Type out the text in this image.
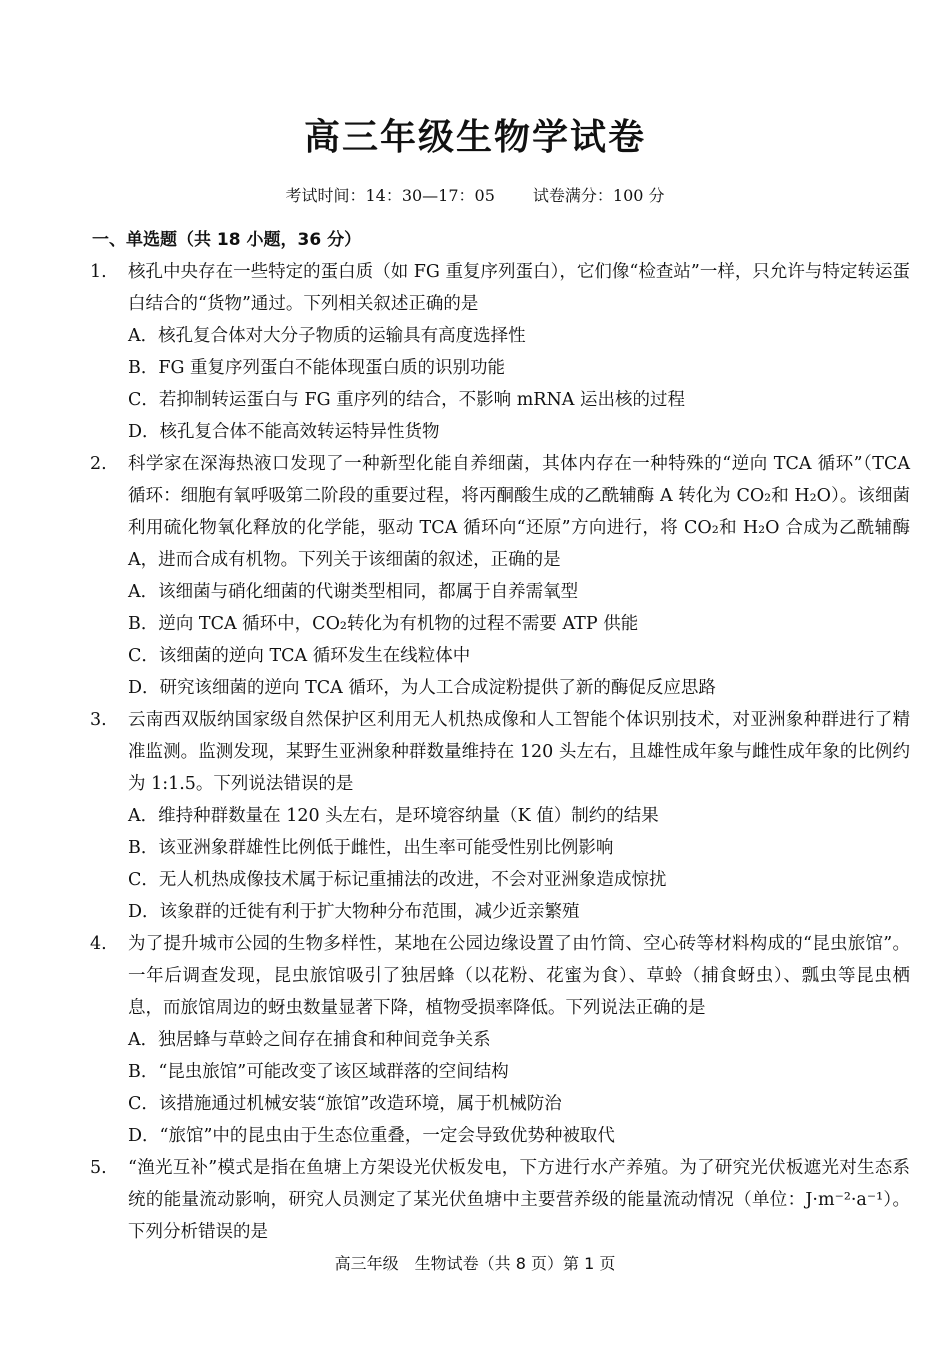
高三年级生物学试卷
考试时间：14：30—17：05 试卷满分：100 分
一、单选题（共 18 小题，36 分）
1.	核孔中央存在一些特定的蛋白质（如 FG 重复序列蛋白），它们像“检查站”一样，只允许与特定转运蛋白结合的“货物”通过。下列相关叙述正确的是

A．核孔复合体对大分子物质的运输具有高度选择性
B．FG 重复序列蛋白不能体现蛋白质的识别功能
C．若抑制转运蛋白与 FG 重序列的结合，不影响 mRNA 运出核的过程
D．核孔复合体不能高效转运特异性货物
2.	科学家在深海热液口发现了一种新型化能自养细菌，其体内存在一种特殊的“逆向 TCA 循环”（TCA 循环：细胞有氧呼吸第二阶段的重要过程，将丙酮酸生成的乙酰辅酶 A 转化为 CO₂和 H₂O）。该细菌利用硫化物氧化释放的化学能，驱动 TCA 循环向“还原”方向进行，将 CO₂和 H₂O 合成为乙酰辅酶 A，进而合成有机物。下列关于该细菌的叙述，正确的是

A．该细菌与硝化细菌的代谢类型相同，都属于自养需氧型
B．逆向 TCA 循环中，CO₂转化为有机物的过程不需要 ATP 供能
C．该细菌的逆向 TCA 循环发生在线粒体中
D．研究该细菌的逆向 TCA 循环，为人工合成淀粉提供了新的酶促反应思路
3.	云南西双版纳国家级自然保护区利用无人机热成像和人工智能个体识别技术，对亚洲象种群进行了精准监测。监测发现，某野生亚洲象种群数量维持在 120 头左右，且雄性成年象与雌性成年象的比例约为 1:1.5。下列说法错误的是

A．维持种群数量在 120 头左右，是环境容纳量（K 值）制约的结果
B．该亚洲象群雄性比例低于雌性，出生率可能受性别比例影响
C．无人机热成像技术属于标记重捕法的改进，不会对亚洲象造成惊扰
D．该象群的迁徙有利于扩大物种分布范围，减少近亲繁殖
4.	为了提升城市公园的生物多样性，某地在公园边缘设置了由竹筒、空心砖等材料构成的“昆虫旅馆”。一年后调查发现，昆虫旅馆吸引了独居蜂（以花粉、花蜜为食）、草蛉（捕食蚜虫）、瓢虫等昆虫栖息，而旅馆周边的蚜虫数量显著下降，植物受损率降低。下列说法正确的是

A．独居蜂与草蛉之间存在捕食和种间竞争关系
B．“昆虫旅馆”可能改变了该区域群落的空间结构
C．该措施通过机械安装“旅馆”改造环境，属于机械防治
D．“旅馆”中的昆虫由于生态位重叠，一定会导致优势种被取代
5.	“渔光互补”模式是指在鱼塘上方架设光伏板发电，下方进行水产养殖。为了研究光伏板遮光对生态系统的能量流动影响，研究人员测定了某光伏鱼塘中主要营养级的能量流动情况（单位：J·m⁻²·a⁻¹）。下列分析错误的是

高三年级　生物试卷（共 8 页）第 1 页
